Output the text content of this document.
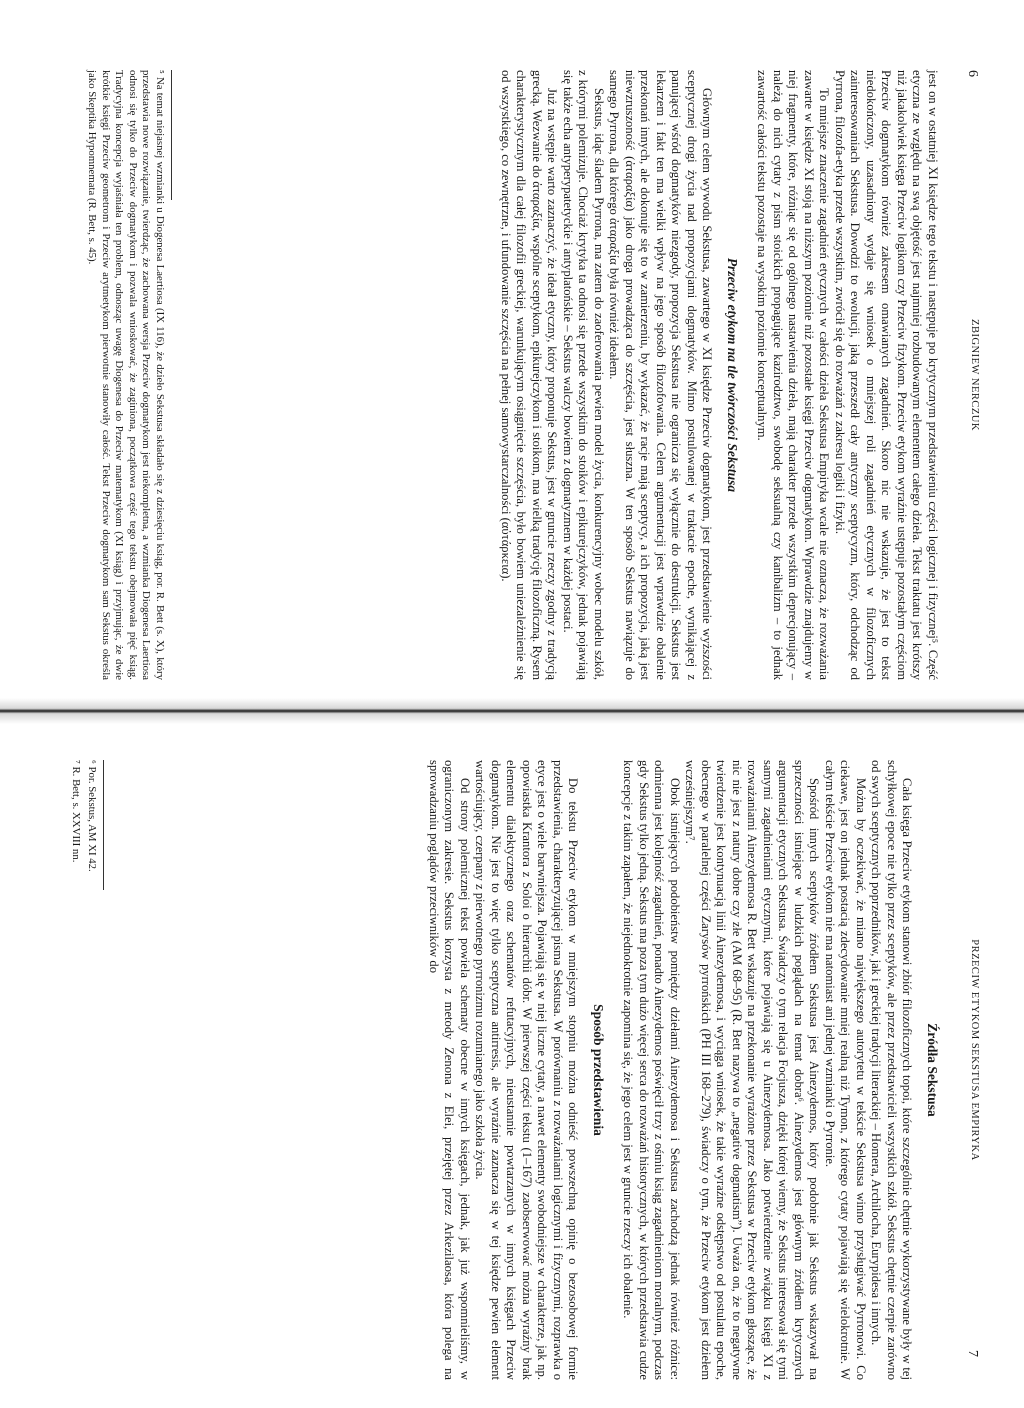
6
ZBIGNIEW NERCZUK

jest on w ostatniej XI księdze tego tekstu i następuje po krytycznym przedstawieniu części logicznej i fizycznej⁵. Część etyczna ze względu na swą objętość jest najmniej rozbudowanym elementem całego dzieła. Tekst traktatu jest krótszy niż jakakolwiek księga Przeciw logikom czy Przeciw fizykom. Przeciw etykom wyraźnie ustępuje pozostałym częściom Przeciw dogmatykom również zakresem omawianych zagadnień. Skoro nic nie wskazuje, że jest to tekst niedokończony, uzasadniony wydaje się wniosek o mniejszej roli zagadnień etycznych w filozoficznych zainteresowaniach Sekstusa. Dowodzi to ewolucji, jaką przeszedł cały antyczny sceptycyzm, który, odchodząc od Pyrrona, filozofa-etyka przede wszystkim, zwrócił się do rozważań z zakresu logiki i fizyki.

To mniejsze znaczenie zagadnień etycznych w całości dzieła Sekstusa Empiryka wcale nie oznacza, że rozważania zawarte w księdze XI stoją na niższym poziomie niż pozostałe księgi Przeciw dogmatykom. Wprawdzie znajdujemy w niej fragmenty, które, różniąc się od ogólnego nastawienia dzieła, mają charakter przede wszystkim deprecjonujący – należą do nich cytaty z pism stoickich propagujące kazirodztwo, swobodę seksualną czy kanibalizm – to jednak zawartość całości tekstu pozostaje na wysokim poziomie konceptualnym.

Przeciw etykom na tle twórczości Sekstusa

Głównym celem wywodu Sekstusa, zawartego w XI księdze Przeciw dogmatykom, jest przedstawienie wyższości sceptycznej drogi życia nad propozycjami dogmatyków. Mimo postulowanej w traktacie epoche, wynikającej z panującej wśród dogmatyków niezgody, propozycja Sekstusa nie ogranicza się wyłącznie do destrukcji. Sekstus jest lekarzem i fakt ten ma wielki wpływ na jego sposób filozofowania. Celem argumentacji jest wprawdzie obalenie przekonań innych, ale dokonuje się to w zamierzeniu, by wykazać, że racje mają sceptycy, a ich propozycja, jaką jest niewzruszoność (ἀταραξία) jako droga prowadząca do szczęścia, jest słuszna. W ten sposób Sekstus nawiązuje do samego Pyrrona, dla którego ἀταραξία była również ideałem.

Sekstus, idąc śladem Pyrrona, ma zatem do zaoferowania pewien model życia, konkurencyjny wobec modelu szkół, z którymi polemizuje. Chociaż krytyka ta odnosi się przede wszystkim do stoików i epikurejczyków, jednak pojawiają się także echa antyperypatetyckie i antyplatońskie – Sekstus walczy bowiem z dogmatyzmem w każdej postaci.

Już na wstępie warto zaznaczyć, że ideał etyczny, który proponuje Sekstus, jest w gruncie rzeczy zgodny z tradycją grecką. Wezwanie do ἀταραξία, wspólne sceptykom, epikurejczykom i stoikom, ma wielką tradycję filozoficzną. Rysem charakterystycznym dla całej filozofii greckiej, warunkującym osiągnięcie szczęścia, było bowiem uniezależnienie się od wszystkiego, co zewnętrzne, i ufundowanie szczęścia na pełnej samowystarczalności (αὐτάρκεια).

⁵ Na temat niejasnej wzmianki u Diogenesa Laertiosa (IX 116), że dzieło Sekstusa składało się z dziesięciu ksiąg, por. R. Bett (s. X), który przedstawia nowe rozwiązanie, twierdząc, że zachowana wersja Przeciw dogmatykom jest niekompletna, a wzmianka Diogenesa Laertiosa odnosi się tylko do Przeciw dogmatykom i pozwala wnioskować, że zaginiona, początkowa część tego tekstu obejmowała pięć ksiąg. Tradycyjna koncepcja wyjaśniała ten problem, odnosząc uwagę Diogenesa do Przeciw matematykom (XI ksiąg) i przyjmując, że dwie krótkie księgi Przeciw geometrom i Przeciw arytmetykom pierwotnie stanowiły całość. Tekst Przeciw dogmatykom sam Sekstus określa jako Skeptika Hypomnemata (R. Bett, s. 45).

PRZECIW ETYKOM SEKSTUSA EMPIRYKA
7
Źródła Sekstusa

Cała księga Przeciw etykom stanowi zbiór filozoficznych topoi, które szczególnie chętnie wykorzystywane były w tej schyłkowej epoce nie tylko przez sceptyków, ale przez przedstawicieli wszystkich szkół. Sekstus chętnie czerpie zarówno od swych sceptycznych poprzedników, jak i greckiej tradycji literackiej – Homera, Archilocha, Eurypidesa i innych.

Można by oczekiwać, że miano największego autorytetu w tekście Sekstusa winno przysługiwać Pyrronowi. Co ciekawe, jest on jednak postacią zdecydowanie mniej realną niż Tymon, z którego cytaty pojawiają się wielokrotnie. W całym tekście Przeciw etykom nie ma natomiast ani jednej wzmianki o Pyrronie.

Spośród innych sceptyków źródłem Sekstusa jest Ainezydemos, który podobnie jak Sekstus wskazywał na sprzeczności istniejące w ludzkich poglądach na temat dobra⁶. Ainezydemos jest głównym źródłem krytycznych argumentacji etycznych Sekstusa. Świadczy o tym relacja Focjusza, dzięki której wiemy, że Sekstus interesował się tymi samymi zagadnieniami etycznymi, które pojawiają się u Ainezydemosa. Jako potwierdzenie związku księgi XI z rozważaniami Ainezydemosa R. Bett wskazuje na przekonanie wyrażone przez Sekstusa w Przeciw etykom głoszące, że nic nie jest z natury dobre czy złe (AM 68–95) (R. Bett nazywa to „negative dogmatism”). Uważa on, że to negatywne twierdzenie jest kontynuacją linii Ainezydemosa, i wyciąga wniosek, że takie wyraźne odstępstwo od postulatu epoche, obecnego w paralelnej części Zarysów pyrrońskich (PH III 168–279), świadczy o tym, że Przeciw etykom jest dziełem wcześniejszym⁷.

Obok istniejących podobieństw pomiędzy dziełami Ainezydemosa i Sekstusa zachodzą jednak również różnice: odmienna jest kolejność zagadnień, ponadto Ainezydemos poświęcił trzy z ośmiu ksiąg zagadnieniom moralnym, podczas gdy Sekstus tylko jedną. Sekstus ma poza tym dużo więcej serca do rozważań historycznych, w których przedstawia cudze koncepcje z takim zapałem, że niejednokrotnie zapomina się, że jego celem jest w gruncie rzeczy ich obalenie.

Sposób przedstawienia

Do tekstu Przeciw etykom w mniejszym stopniu można odnieść powszechną opinię o bezosobowej formie przedstawienia, charakteryzującej pisma Sekstusa. W porównaniu z rozważaniami logicznymi i fizycznymi, rozprawka o etyce jest o wiele barwniejsza. Pojawiają się w niej liczne cytaty, a nawet elementy swobodniejsze w charakterze, jak np. opowiastka Krantora z Soloi o hierarchii dóbr. W pierwszej części tekstu (1–167) zaobserwować można wyraźny brak elementu dialektycznego oraz schematów refutacyjnych, nieustannie powtarzanych w innych księgach Przeciw dogmatykom. Nie jest to więc tylko sceptyczna antirresis, ale wyraźnie zaznacza się w tej księdze pewien element wartościujący, czerpany z pierwotnego pyrronizmu rozumianego jako szkoła życia.

Od strony polemicznej tekst powiela schematy obecne w innych księgach, jednak, jak już wspomnieliśmy, w ograniczonym zakresie. Sekstus korzysta z metody Zenona z Elei, przejętej przez Arkezilaosa, która polega na sprowadzaniu poglądów przeciwników do

⁶ Por. Sekstus, AM XI 42.

⁷ R. Bett, s. XXVIII nn.
